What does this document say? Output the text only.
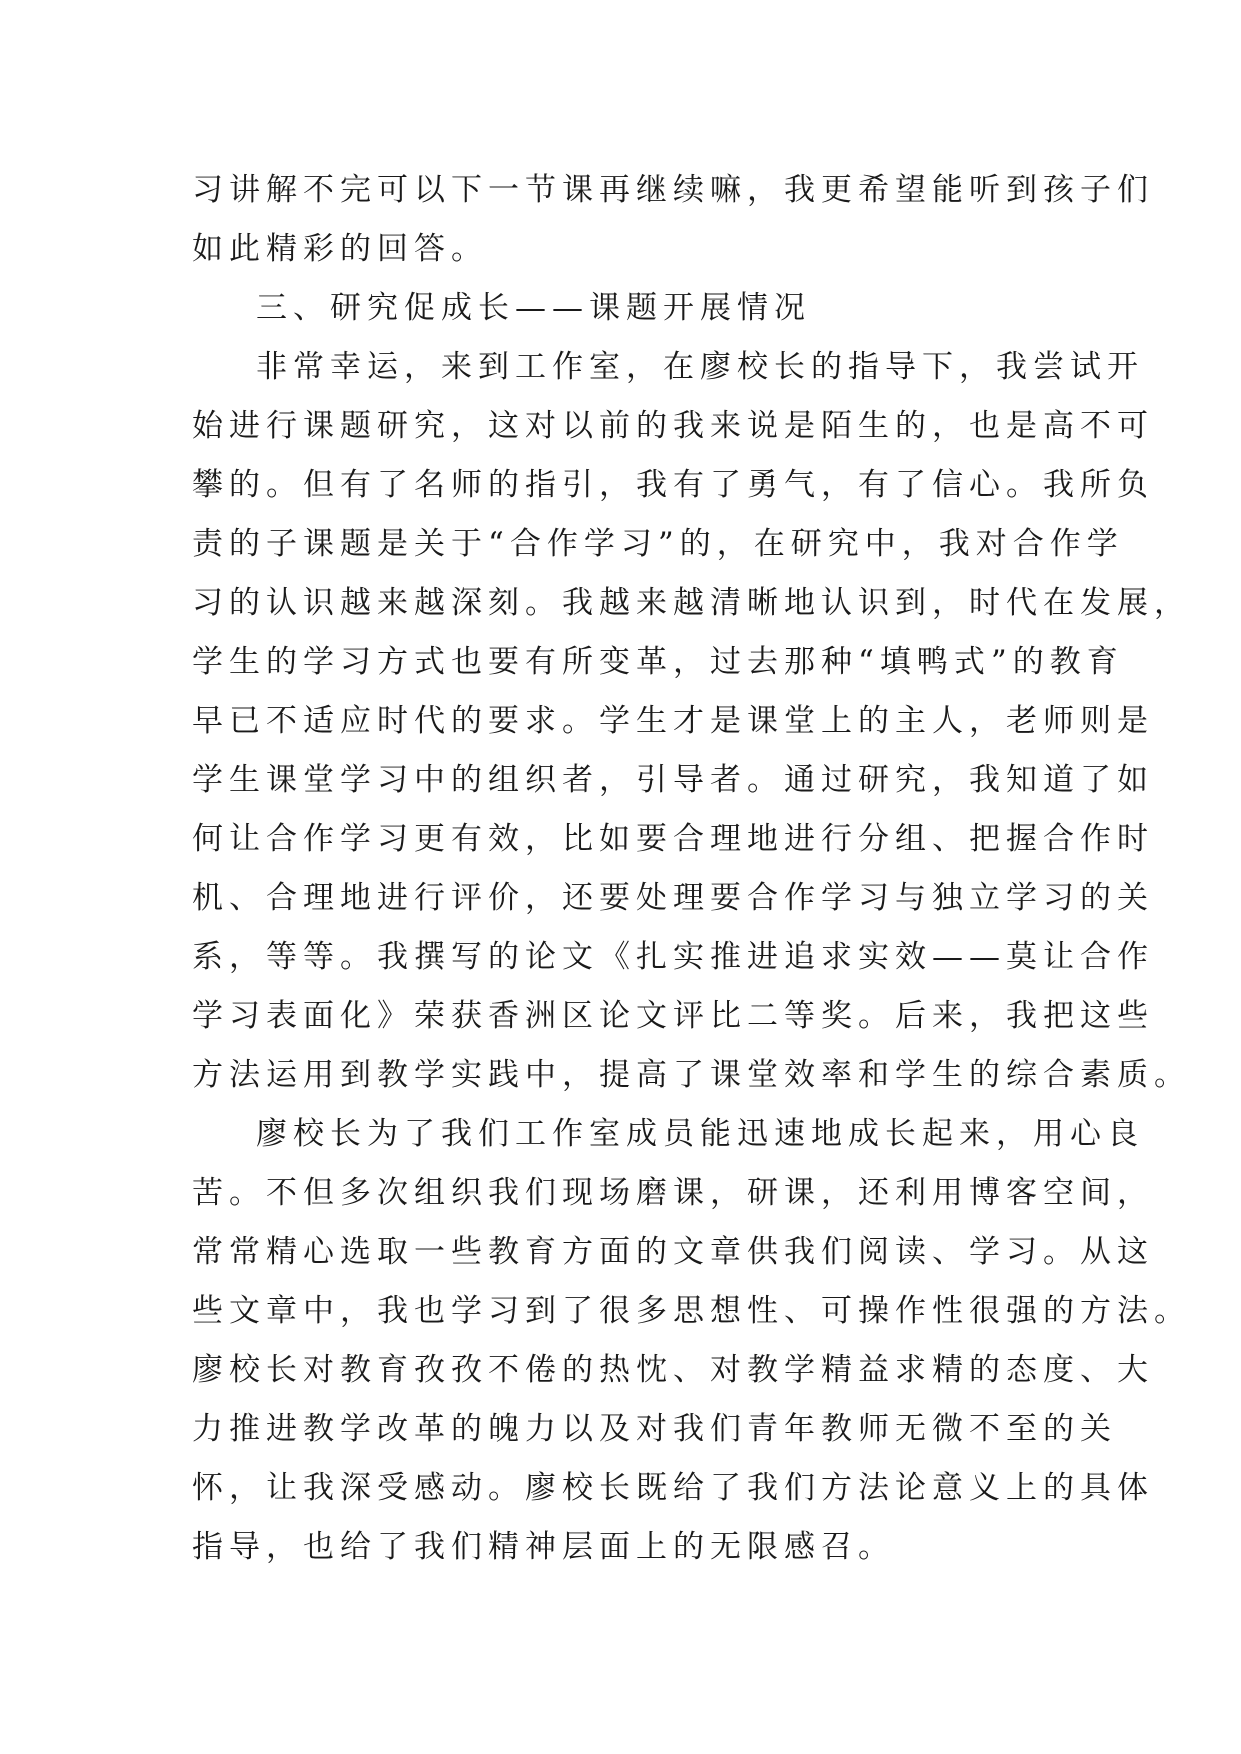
习讲解不完可以下一节课再继续嘛，我更希望能听到孩子们
如此精彩的回答。
三、研究促成长——课题开展情况
非常幸运，来到工作室，在廖校长的指导下，我尝试开
始进行课题研究，这对以前的我来说是陌生的，也是高不可
攀的。但有了名师的指引，我有了勇气，有了信心。我所负
责的子课题是关于“合作学习”的，在研究中，我对合作学
习的认识越来越深刻。我越来越清晰地认识到，时代在发展，
学生的学习方式也要有所变革，过去那种“填鸭式”的教育
早已不适应时代的要求。学生才是课堂上的主人，老师则是
学生课堂学习中的组织者，引导者。通过研究，我知道了如
何让合作学习更有效，比如要合理地进行分组、把握合作时
机、合理地进行评价，还要处理要合作学习与独立学习的关
系，等等。我撰写的论文《扎实推进追求实效——莫让合作
学习表面化》荣获香洲区论文评比二等奖。后来，我把这些
方法运用到教学实践中，提高了课堂效率和学生的综合素质。
廖校长为了我们工作室成员能迅速地成长起来，用心良
苦。不但多次组织我们现场磨课，研课，还利用博客空间，
常常精心选取一些教育方面的文章供我们阅读、学习。从这
些文章中，我也学习到了很多思想性、可操作性很强的方法。
廖校长对教育孜孜不倦的热忱、对教学精益求精的态度、大
力推进教学改革的魄力以及对我们青年教师无微不至的关
怀，让我深受感动。廖校长既给了我们方法论意义上的具体
指导，也给了我们精神层面上的无限感召。
